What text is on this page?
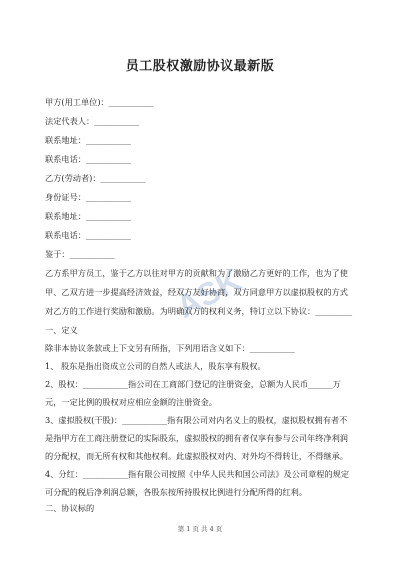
员工股权激励协议最新版
甲方(用工单位)：___________
法定代表人：___________
联系地址：___________
联系电话：___________
乙方(劳动者)：___________
身份证号：___________
联系地址：___________
联系电话：___________
鉴于：___________
乙方系甲方员工，鉴于乙方以往对甲方的贡献和为了激励乙方更好的工作，也为了使
甲、乙双方进一步提高经济效益，经双方友好协商，双方同意甲方以虚拟股权的方式
对乙方的工作进行奖励和激励。为明确双方的权利义务，特订立以下协议：_________
一、定义
除非本协议条款或上下文另有所指，下列用语含义如下：___________
1、 股东是指出资成立公司的自然人或法人，股东享有股权。
2、股权：___________指公司在工商部门登记的注册资金，总额为人民币______万
元，一定比例的股权对应相应金额的注册资金。
3、虚拟股权(干股)：___________指有限公司对内名义上的股权，虚拟股权拥有者不
是指甲方在工商注册登记的实际股东，虚拟股权的拥有者仅享有参与公司年终净利润
的分配权，而无所有权和其他权利。此虚拟股权对内、对外均不得转让，不得继承。
4、分红：___________指有限公司按照《中华人民共和国公司法》及公司章程的规定
可分配的税后净利润总额，各股东按所持股权比例进行分配所得的红利。
二、协议标的
第 1 页 共 4 页
ASK
